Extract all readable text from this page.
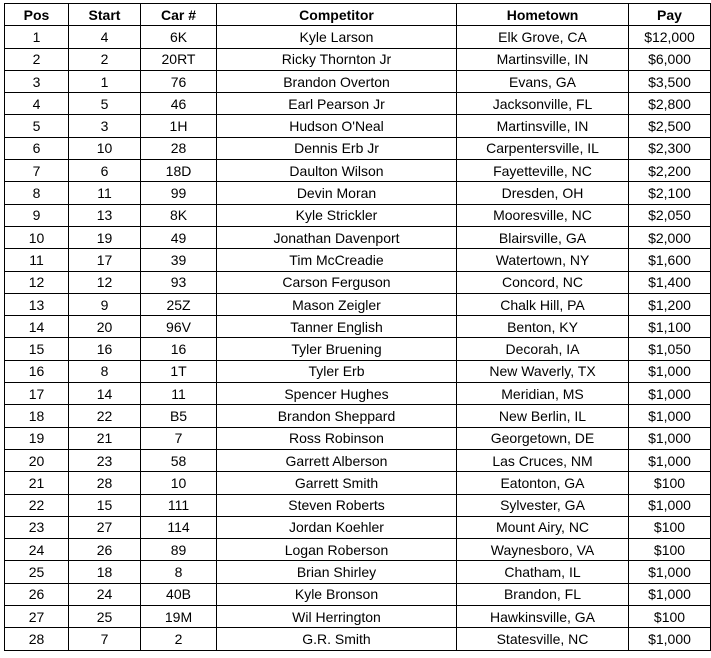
Pos	Start	Car #	Competitor	Hometown	Pay
1	4	6K	Kyle Larson	Elk Grove, CA	$12,000
2	2	20RT	Ricky Thornton Jr	Martinsville, IN	$6,000
3	1	76	Brandon Overton	Evans, GA	$3,500
4	5	46	Earl Pearson Jr	Jacksonville, FL	$2,800
5	3	1H	Hudson O'Neal	Martinsville, IN	$2,500
6	10	28	Dennis Erb Jr	Carpentersville, IL	$2,300
7	6	18D	Daulton Wilson	Fayetteville, NC	$2,200
8	11	99	Devin Moran	Dresden, OH	$2,100
9	13	8K	Kyle Strickler	Mooresville, NC	$2,050
10	19	49	Jonathan Davenport	Blairsville, GA	$2,000
11	17	39	Tim McCreadie	Watertown, NY	$1,600
12	12	93	Carson Ferguson	Concord, NC	$1,400
13	9	25Z	Mason Zeigler	Chalk Hill, PA	$1,200
14	20	96V	Tanner English	Benton, KY	$1,100
15	16	16	Tyler Bruening	Decorah, IA	$1,050
16	8	1T	Tyler Erb	New Waverly, TX	$1,000
17	14	11	Spencer Hughes	Meridian, MS	$1,000
18	22	B5	Brandon Sheppard	New Berlin, IL	$1,000
19	21	7	Ross Robinson	Georgetown, DE	$1,000
20	23	58	Garrett Alberson	Las Cruces, NM	$1,000
21	28	10	Garrett Smith	Eatonton, GA	$100
22	15	111	Steven Roberts	Sylvester, GA	$1,000
23	27	114	Jordan Koehler	Mount Airy, NC	$100
24	26	89	Logan Roberson	Waynesboro, VA	$100
25	18	8	Brian Shirley	Chatham, IL	$1,000
26	24	40B	Kyle Bronson	Brandon, FL	$1,000
27	25	19M	Wil Herrington	Hawkinsville, GA	$100
28	7	2	G.R. Smith	Statesville, NC	$1,000
